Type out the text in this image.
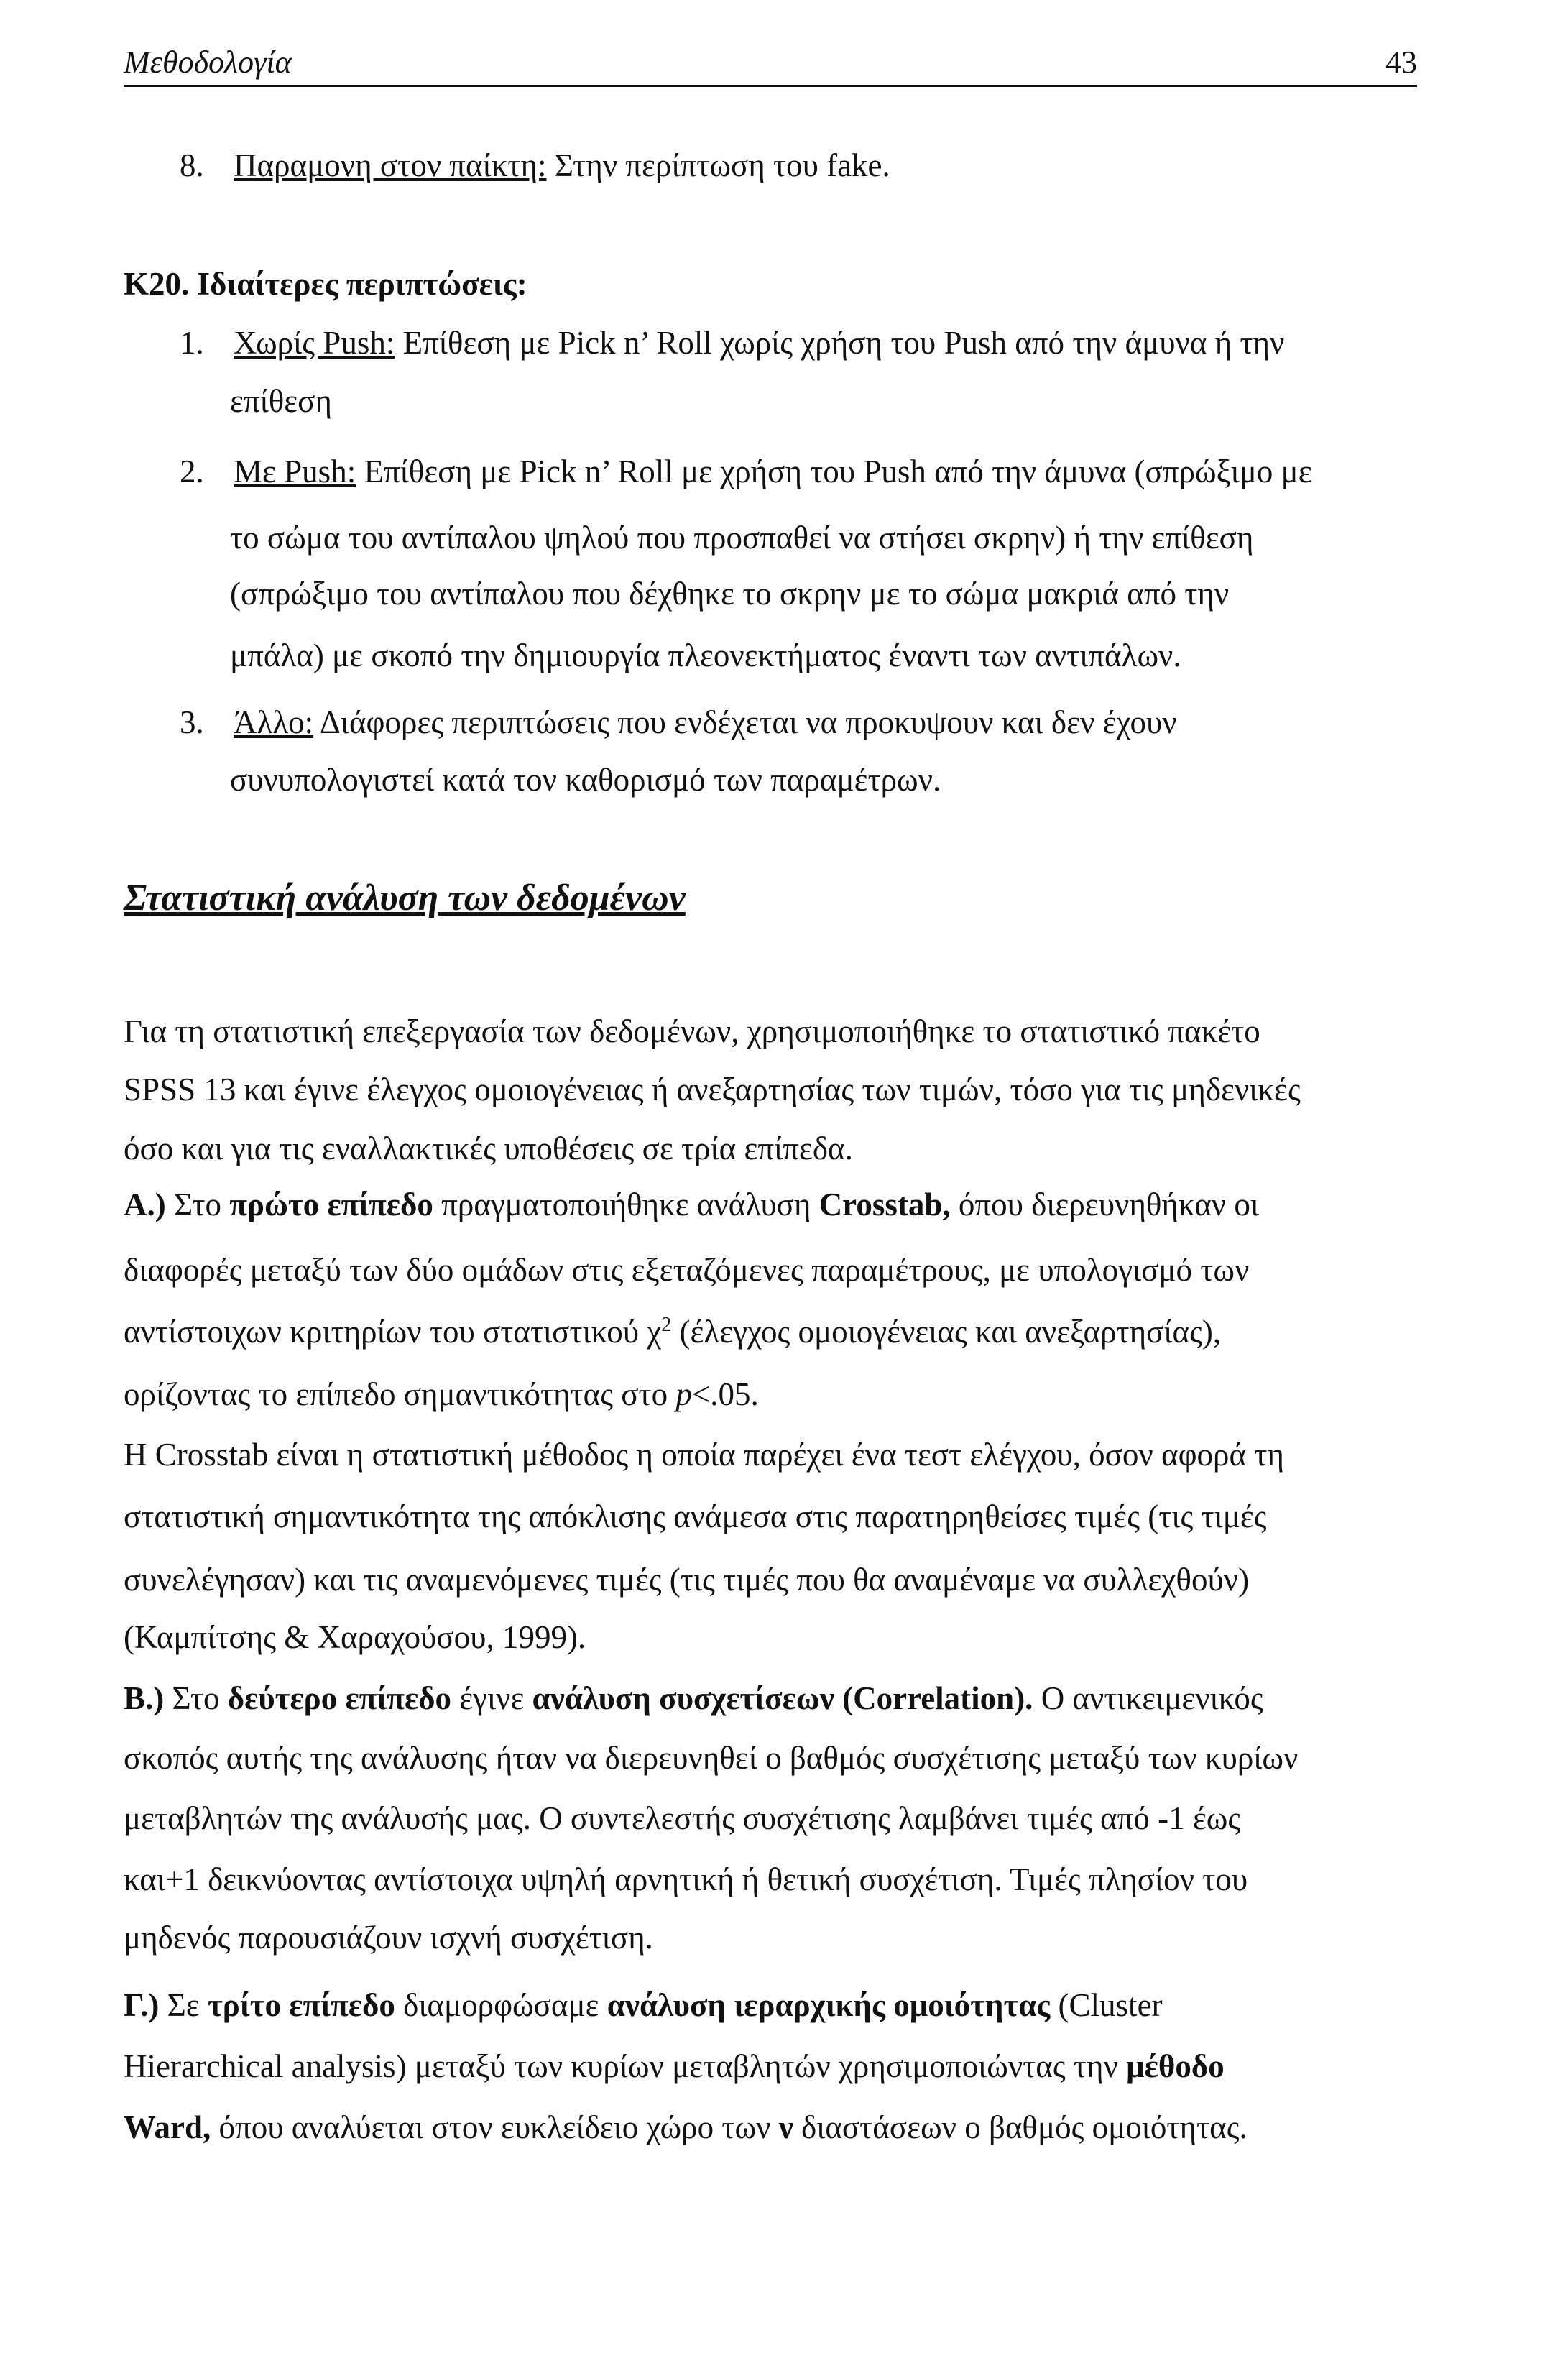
Μεθοδολογία	43
8. Παραμονη στον παίκτη: Στην περίπτωση του fake.
Κ20. Ιδιαίτερες περιπτώσεις:
1. Χωρίς Push: Επίθεση με Pick n’ Roll χωρίς χρήση του Push από την άμυνα ή την
επίθεση
2. Με Push: Επίθεση με Pick n’ Roll με χρήση του Push από την άμυνα (σπρώξιμο με
το σώμα του αντίπαλου ψηλού που προσπαθεί να στήσει σκρην) ή την επίθεση
(σπρώξιμο του αντίπαλου που δέχθηκε το σκρην με το σώμα μακριά από την
μπάλα) με σκοπό την δημιουργία πλεονεκτήματος έναντι των αντιπάλων.
3. Άλλο: Διάφορες περιπτώσεις που ενδέχεται να προκυψουν και δεν έχουν
συνυπολογιστεί κατά τον καθορισμό των παραμέτρων.
Στατιστική ανάλυση των δεδομένων
Για τη στατιστική επεξεργασία των δεδομένων, χρησιμοποιήθηκε το στατιστικό πακέτο
SPSS 13 και έγινε έλεγχος ομοιογένειας ή ανεξαρτησίας των τιμών, τόσο για τις μηδενικές
όσο και για τις εναλλακτικές υποθέσεις σε τρία επίπεδα.
Α.) Στο πρώτο επίπεδο πραγματοποιήθηκε ανάλυση Crosstab, όπου διερευνηθήκαν οι
διαφορές μεταξύ των δύο ομάδων στις εξεταζόμενες παραμέτρους, με υπολογισμό των
αντίστοιχων κριτηρίων του στατιστικού $\chi^2$ (έλεγχος ομοιογένειας και ανεξαρτησίας),
ορίζοντας το επίπεδο σημαντικότητας στο p<.05.
Η Crosstab είναι η στατιστική μέθοδος η οποία παρέχει ένα τεστ ελέγχου, όσον αφορά τη
στατιστική σημαντικότητα της απόκλισης ανάμεσα στις παρατηρηθείσες τιμές (τις τιμές
συνελέγησαν) και τις αναμενόμενες τιμές (τις τιμές που θα αναμέναμε να συλλεχθούν)
(Καμπίτσης & Χαραχούσου, 1999).
Β.) Στο δεύτερο επίπεδο έγινε ανάλυση συσχετίσεων (Correlation). Ο αντικειμενικός
σκοπός αυτής της ανάλυσης ήταν να διερευνηθεί ο βαθμός συσχέτισης μεταξύ των κυρίων
μεταβλητών της ανάλυσής μας. Ο συντελεστής συσχέτισης λαμβάνει τιμές από -1 έως
και+1 δεικνύοντας αντίστοιχα υψηλή αρνητική ή θετική συσχέτιση. Τιμές πλησίον του
μηδενός παρουσιάζουν ισχνή συσχέτιση.
Γ.) Σε τρίτο επίπεδο διαμορφώσαμε ανάλυση ιεραρχικής ομοιότητας (Cluster
Hierarchical analysis) μεταξύ των κυρίων μεταβλητών χρησιμοποιώντας την μέθοδο
Ward, όπου αναλύεται στον ευκλείδειο χώρο των ν διαστάσεων ο βαθμός ομοιότητας.
